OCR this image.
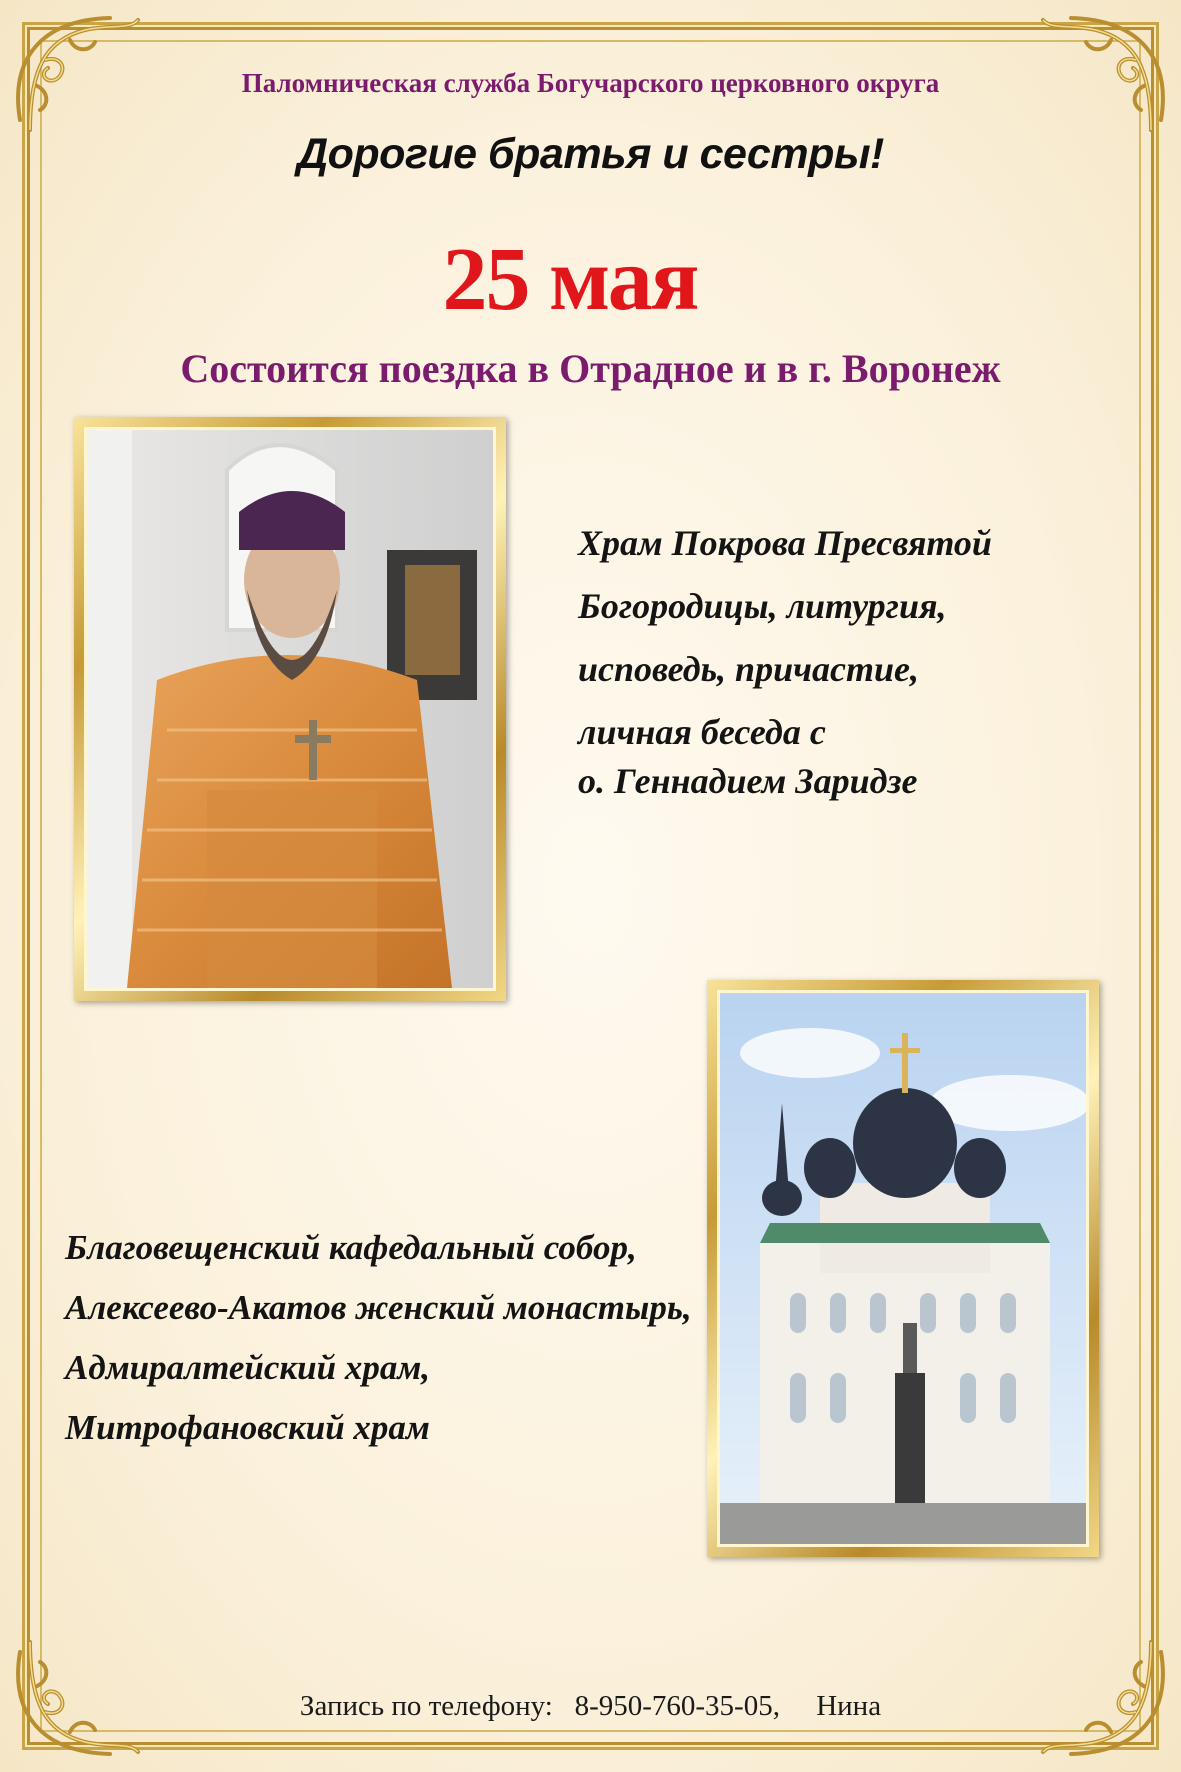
Паломническая служба Богучарского церковного округа
Дорогие братья и сестры!
25 мая
Состоится поездка в Отрадное и в г. Воронеж
Храм Покрова Пресвятой
Богородицы, литургия,
исповедь, причастие,
личная беседа с
о. Геннадием Заридзе
Благовещенский кафедальный собор,
Алексеево-Акатов женский монастырь,
Адмиралтейский храм,
Митрофановский храм
Запись по телефону: 8-950-760-35-05, Нина
